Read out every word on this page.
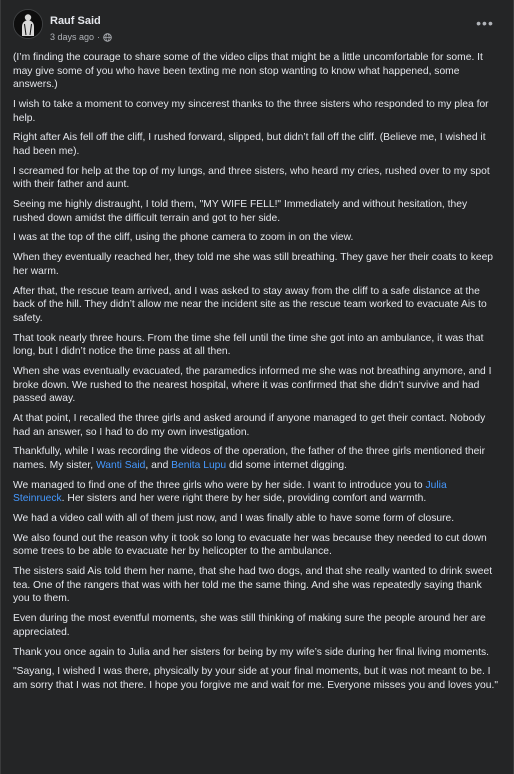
Rauf Said
3 days ago ·
•••

(I’m finding the courage to share some of the video clips that might be a little uncomfortable for some. It may give some of you who have been texting me non stop wanting to know what happened, some answers.)

I wish to take a moment to convey my sincerest thanks to the three sisters who responded to my plea for help.

Right after Ais fell off the cliff, I rushed forward, slipped, but didn’t fall off the cliff. (Believe me, I wished it had been me).

I screamed for help at the top of my lungs, and three sisters, who heard my cries, rushed over to my spot with their father and aunt.

Seeing me highly distraught, I told them, "MY WIFE FELL!" Immediately and without hesitation, they rushed down amidst the difficult terrain and got to her side.

I was at the top of the cliff, using the phone camera to zoom in on the view.

When they eventually reached her, they told me she was still breathing. They gave her their coats to keep her warm.

After that, the rescue team arrived, and I was asked to stay away from the cliff to a safe distance at the back of the hill. They didn’t allow me near the incident site as the rescue team worked to evacuate Ais to safety.

That took nearly three hours. From the time she fell until the time she got into an ambulance, it was that long, but I didn’t notice the time pass at all then.

When she was eventually evacuated, the paramedics informed me she was not breathing anymore, and I broke down. We rushed to the nearest hospital, where it was confirmed that she didn’t survive and had passed away.

At that point, I recalled the three girls and asked around if anyone managed to get their contact. Nobody had an answer, so I had to do my own investigation.

Thankfully, while I was recording the videos of the operation, the father of the three girls mentioned their names. My sister, Wanti Said, and Benita Lupu did some internet digging.

We managed to find one of the three girls who were by her side. I want to introduce you to Julia Steinrueck. Her sisters and her were right there by her side, providing comfort and warmth.

We had a video call with all of them just now, and I was finally able to have some form of closure.

We also found out the reason why it took so long to evacuate her was because they needed to cut down some trees to be able to evacuate her by helicopter to the ambulance.

The sisters said Ais told them her name, that she had two dogs, and that she really wanted to drink sweet tea. One of the rangers that was with her told me the same thing. And she was repeatedly saying thank you to them.

Even during the most eventful moments, she was still thinking of making sure the people around her are appreciated.

Thank you once again to Julia and her sisters for being by my wife’s side during her final living moments.

"Sayang, I wished I was there, physically by your side at your final moments, but it was not meant to be. I am sorry that I was not there. I hope you forgive me and wait for me. Everyone misses you and loves you."
